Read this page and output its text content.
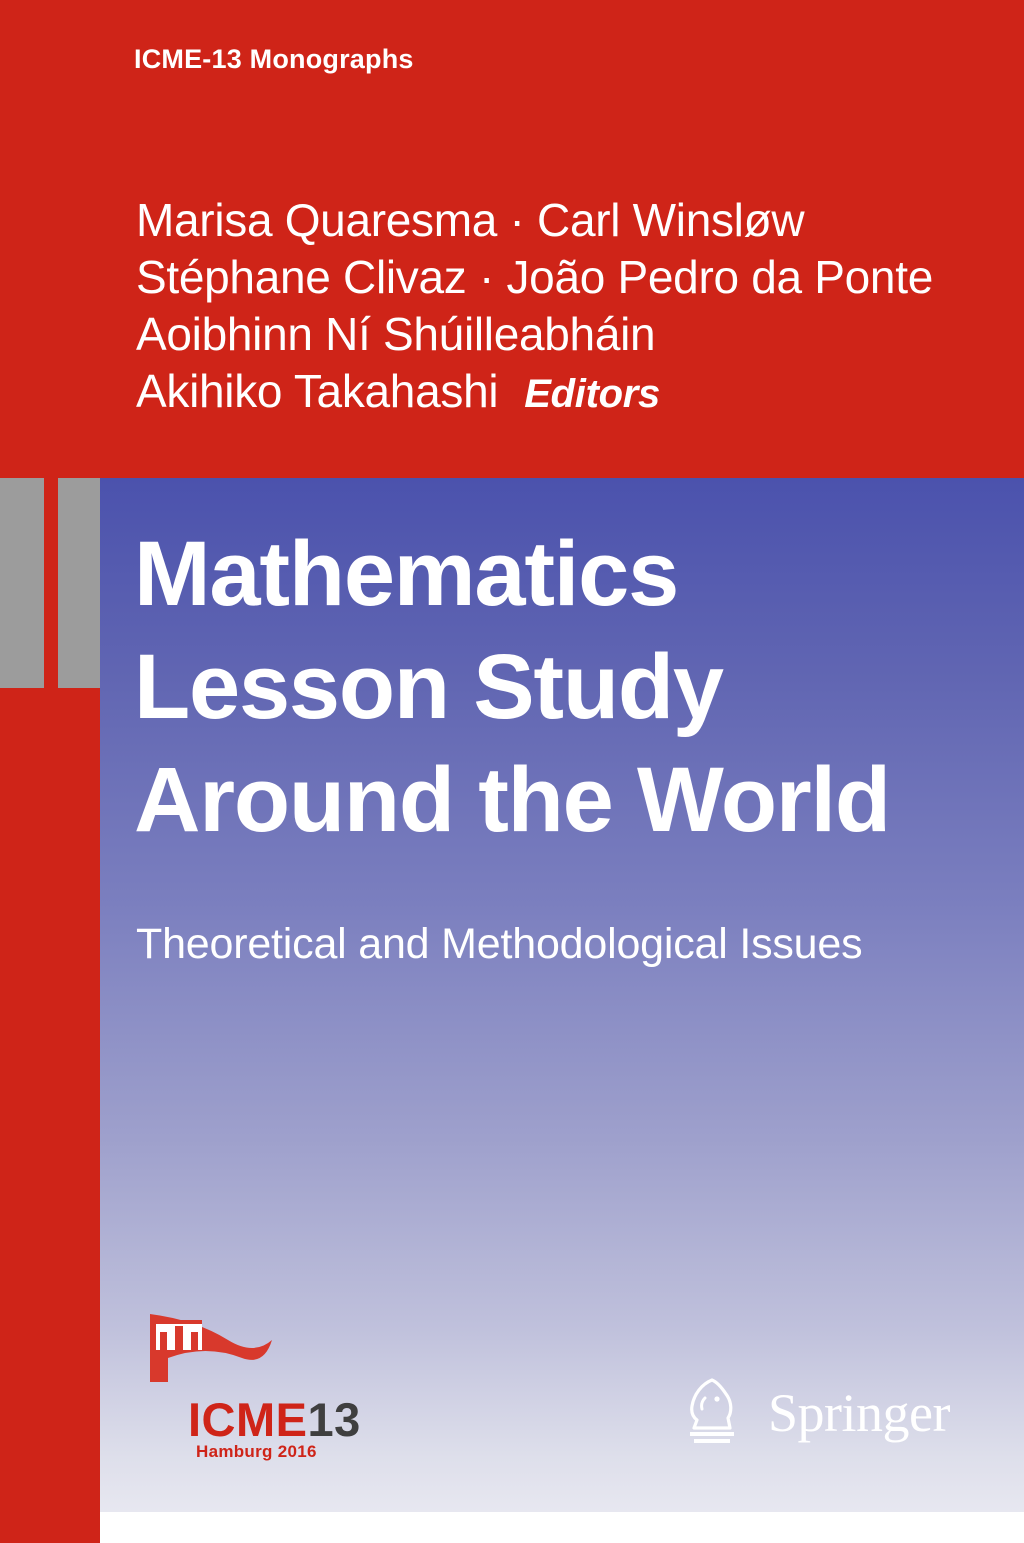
ICME-13 Monographs
Marisa Quaresma · Carl Winsløw
Stéphane Clivaz · João Pedro da Ponte
Aoibhinn Ní Shúilleabháin
Akihiko Takahashi Editors
Mathematics
Lesson Study
Around the World
Theoretical and Methodological Issues
ICME13
Hamburg 2016
Springer
